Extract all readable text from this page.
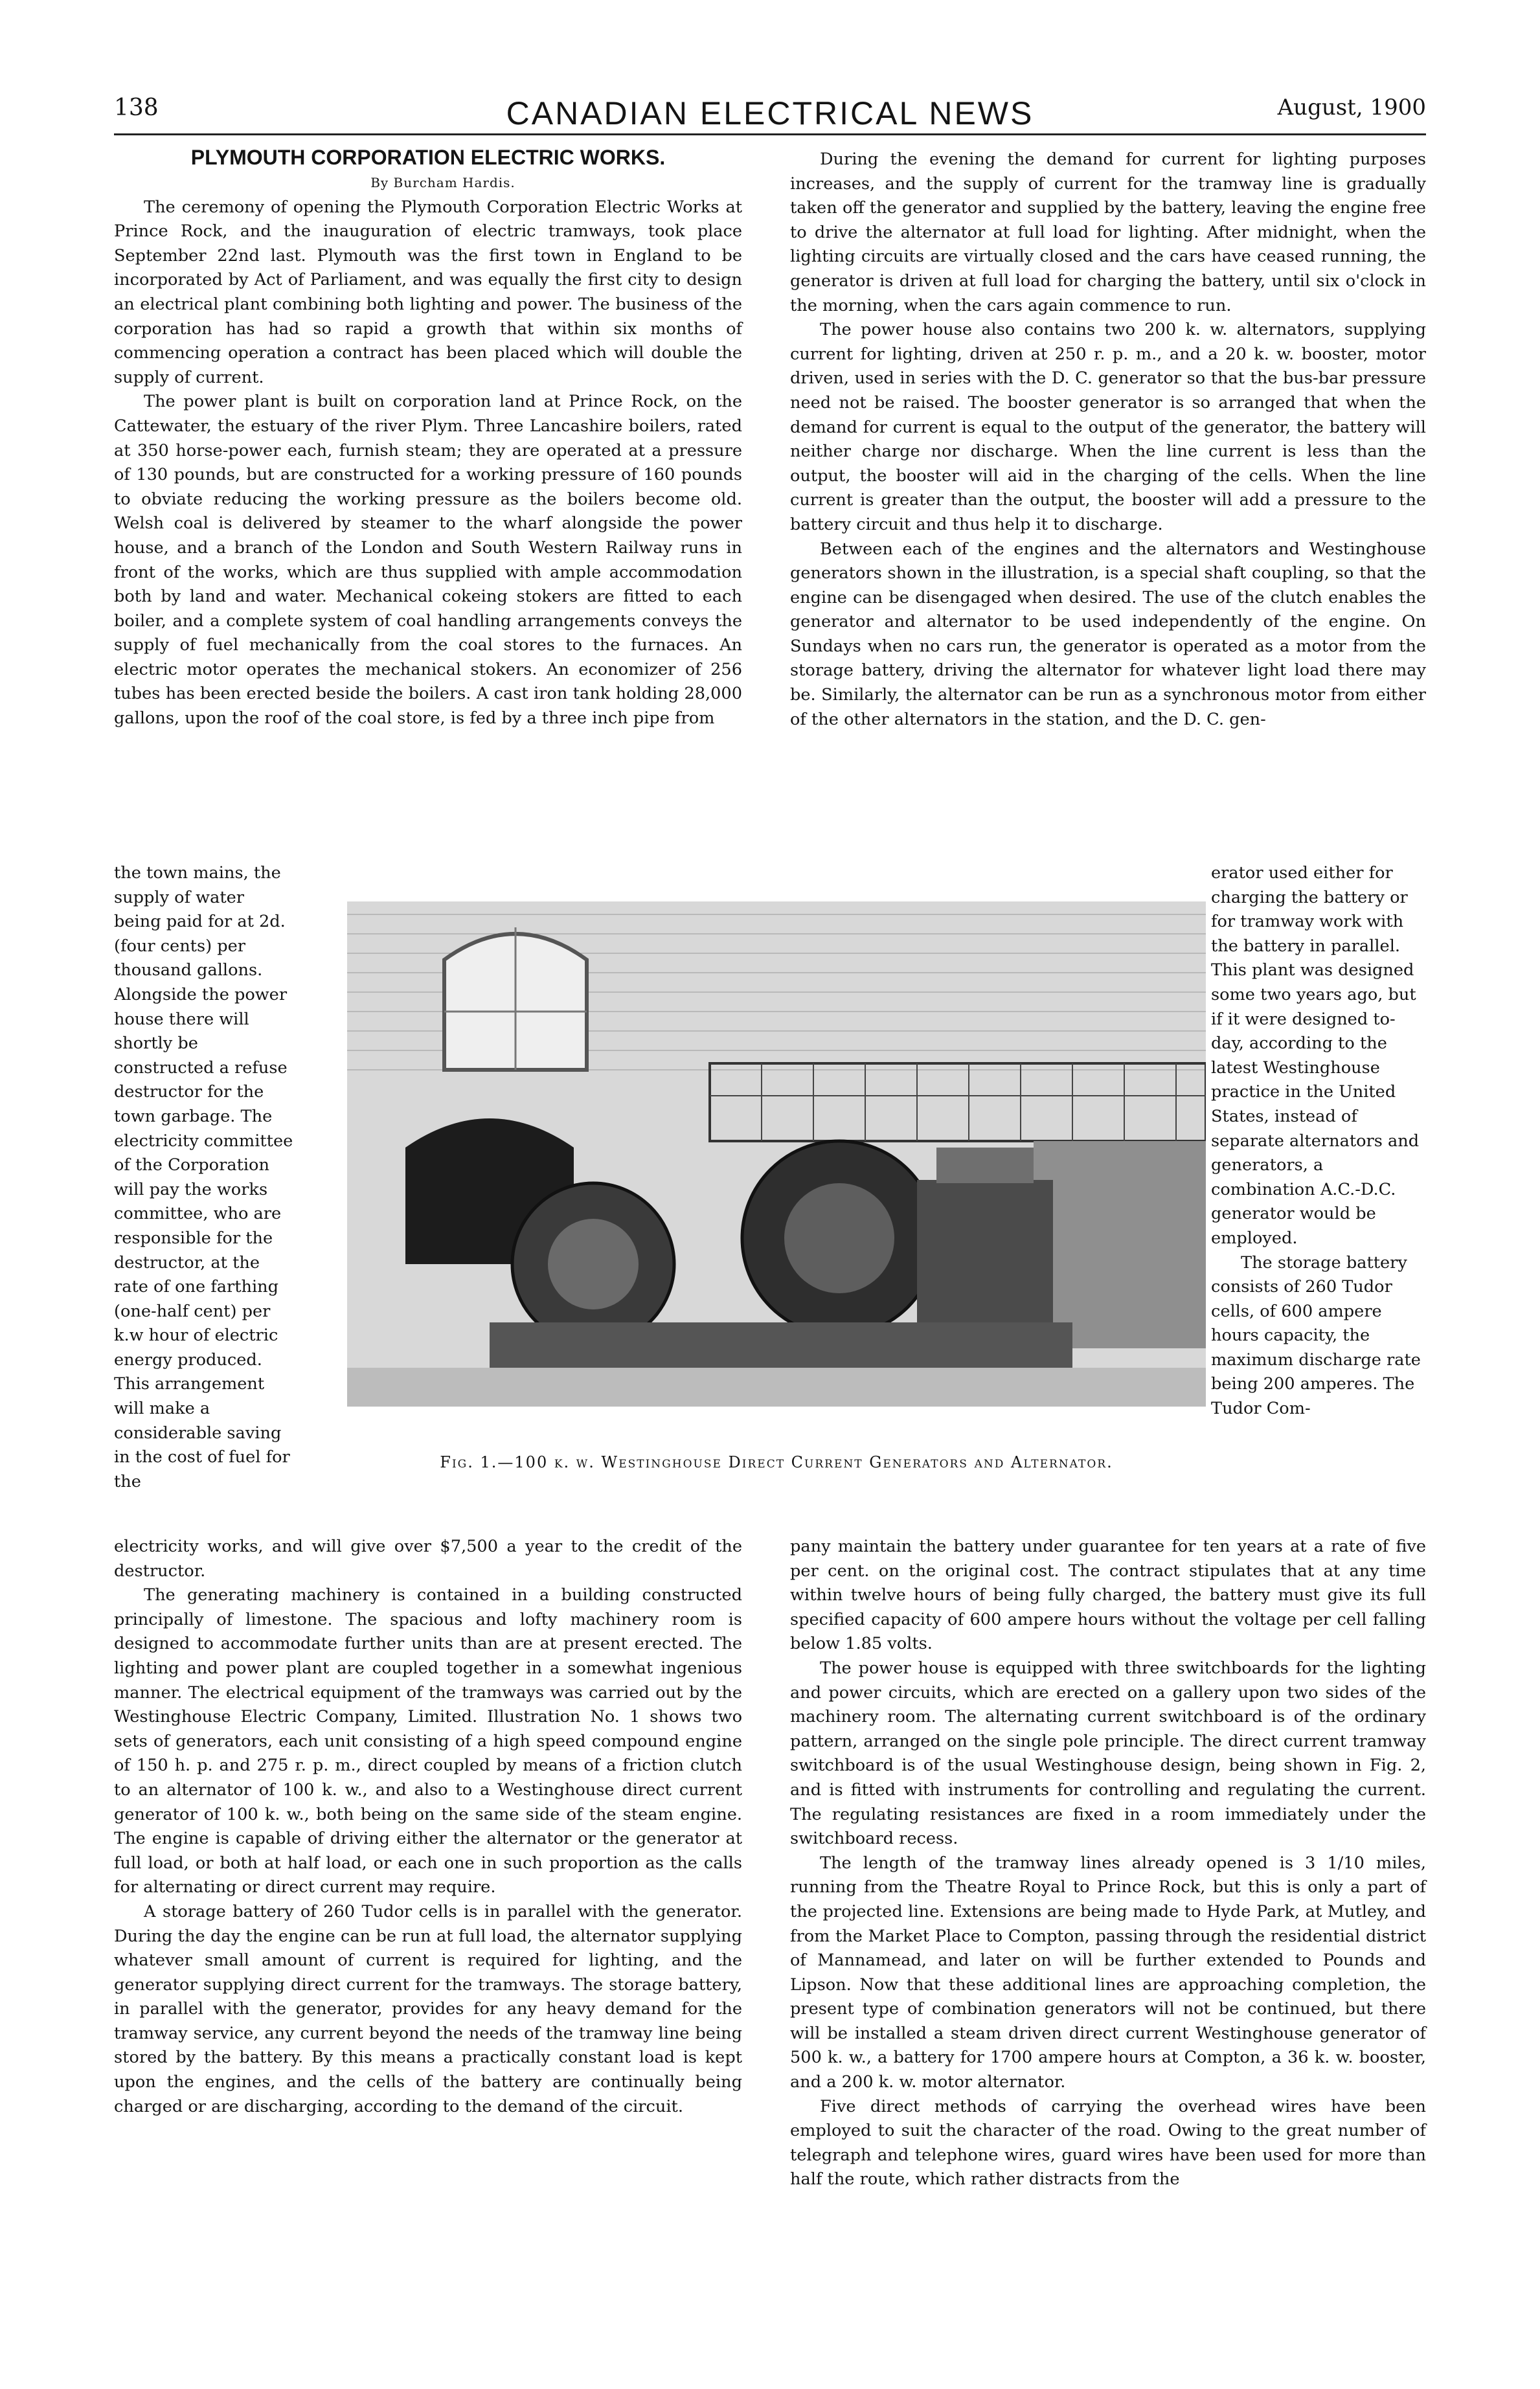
138	CANADIAN ELECTRICAL NEWS	August, 1900
PLYMOUTH CORPORATION ELECTRIC WORKS.

By Burcham Hardis.

The ceremony of opening the Plymouth Corporation Electric Works at Prince Rock, and the inauguration of electric tramways, took place September 22nd last. Plymouth was the first town in England to be incorporated by Act of Parliament, and was equally the first city to design an electrical plant combining both lighting and power. The business of the corporation has had so rapid a growth that within six months of commencing operation a contract has been placed which will double the supply of current.

The power plant is built on corporation land at Prince Rock, on the Cattewater, the estuary of the river Plym. Three Lancashire boilers, rated at 350 horse-power each, furnish steam; they are operated at a pressure of 130 pounds, but are constructed for a working pressure of 160 pounds to obviate reducing the working pressure as the boilers become old. Welsh coal is delivered by steamer to the wharf alongside the power house, and a branch of the London and South Western Railway runs in front of the works, which are thus supplied with ample accommodation both by land and water. Mechanical cokeing stokers are fitted to each boiler, and a complete system of coal handling arrangements conveys the supply of fuel mechanically from the coal stores to the furnaces. An electric motor operates the mechanical stokers. An economizer of 256 tubes has been erected beside the boilers. A cast iron tank holding 28,000 gallons, upon the roof of the coal store, is fed by a three inch pipe from

During the evening the demand for current for lighting purposes increases, and the supply of current for the tramway line is gradually taken off the generator and supplied by the battery, leaving the engine free to drive the alternator at full load for lighting. After midnight, when the lighting circuits are virtually closed and the cars have ceased running, the generator is driven at full load for charging the battery, until six o'clock in the morning, when the cars again commence to run.

The power house also contains two 200 k. w. alternators, supplying current for lighting, driven at 250 r. p. m., and a 20 k. w. booster, motor driven, used in series with the D. C. generator so that the bus-bar pressure need not be raised. The booster generator is so arranged that when the demand for current is equal to the output of the generator, the battery will neither charge nor discharge. When the line current is less than the output, the booster will aid in the charging of the cells. When the line current is greater than the output, the booster will add a pressure to the battery circuit and thus help it to discharge.

Between each of the engines and the alternators and Westinghouse generators shown in the illustration, is a special shaft coupling, so that the engine can be disengaged when desired. The use of the clutch enables the generator and alternator to be used independently of the engine. On Sundays when no cars run, the generator is operated as a motor from the storage battery, driving the alternator for whatever light load there may be. Similarly, the alternator can be run as a synchronous motor from either of the other alternators in the station, and the D. C. gen-

the town mains, the supply of water being paid for at 2d. (four cents) per thousand gallons. Alongside the power house there will shortly be constructed a refuse destructor for the town garbage. The electricity committee of the Corporation will pay the works committee, who are responsible for the destructor, at the rate of one farthing (one-half cent) per k.w hour of electric energy produced. This arrangement will make a considerable saving in the cost of fuel for the

erator used either for charging the battery or for tramway work with the battery in parallel. This plant was designed some two years ago, but if it were designed to-day, according to the latest Westinghouse practice in the United States, instead of separate alternators and generators, a combination A.C.-D.C. generator would be employed.

The storage battery consists of 260 Tudor cells, of 600 ampere hours capacity, the maximum discharge rate being 200 amperes. The Tudor Com-

Fig. 1.—100 k. w. Westinghouse Direct Current Generators and Alternator.

electricity works, and will give over $7,500 a year to the credit of the destructor.

The generating machinery is contained in a building constructed principally of limestone. The spacious and lofty machinery room is designed to accommodate further units than are at present erected. The lighting and power plant are coupled together in a somewhat ingenious manner. The electrical equipment of the tramways was carried out by the Westinghouse Electric Company, Limited. Illustration No. 1 shows two sets of generators, each unit consisting of a high speed compound engine of 150 h. p. and 275 r. p. m., direct coupled by means of a friction clutch to an alternator of 100 k. w., and also to a Westinghouse direct current generator of 100 k. w., both being on the same side of the steam engine. The engine is capable of driving either the alternator or the generator at full load, or both at half load, or each one in such proportion as the calls for alternating or direct current may require.

A storage battery of 260 Tudor cells is in parallel with the generator. During the day the engine can be run at full load, the alternator supplying whatever small amount of current is required for lighting, and the generator supplying direct current for the tramways. The storage battery, in parallel with the generator, provides for any heavy demand for the tramway service, any current beyond the needs of the tramway line being stored by the battery. By this means a practically constant load is kept upon the engines, and the cells of the battery are continually being charged or are discharging, according to the demand of the circuit.

pany maintain the battery under guarantee for ten years at a rate of five per cent. on the original cost. The contract stipulates that at any time within twelve hours of being fully charged, the battery must give its full specified capacity of 600 ampere hours without the voltage per cell falling below 1.85 volts.

The power house is equipped with three switchboards for the lighting and power circuits, which are erected on a gallery upon two sides of the machinery room. The alternating current switchboard is of the ordinary pattern, arranged on the single pole principle. The direct current tramway switchboard is of the usual Westinghouse design, being shown in Fig. 2, and is fitted with instruments for controlling and regulating the current. The regulating resistances are fixed in a room immediately under the switchboard recess.

The length of the tramway lines already opened is 3 1/10 miles, running from the Theatre Royal to Prince Rock, but this is only a part of the projected line. Extensions are being made to Hyde Park, at Mutley, and from the Market Place to Compton, passing through the residential district of Mannamead, and later on will be further extended to Pounds and Lipson. Now that these additional lines are approaching completion, the present type of combination generators will not be continued, but there will be installed a steam driven direct current Westinghouse generator of 500 k. w., a battery for 1700 ampere hours at Compton, a 36 k. w. booster, and a 200 k. w. motor alternator.

Five direct methods of carrying the overhead wires have been employed to suit the character of the road. Owing to the great number of telegraph and telephone wires, guard wires have been used for more than half the route, which rather distracts from the
